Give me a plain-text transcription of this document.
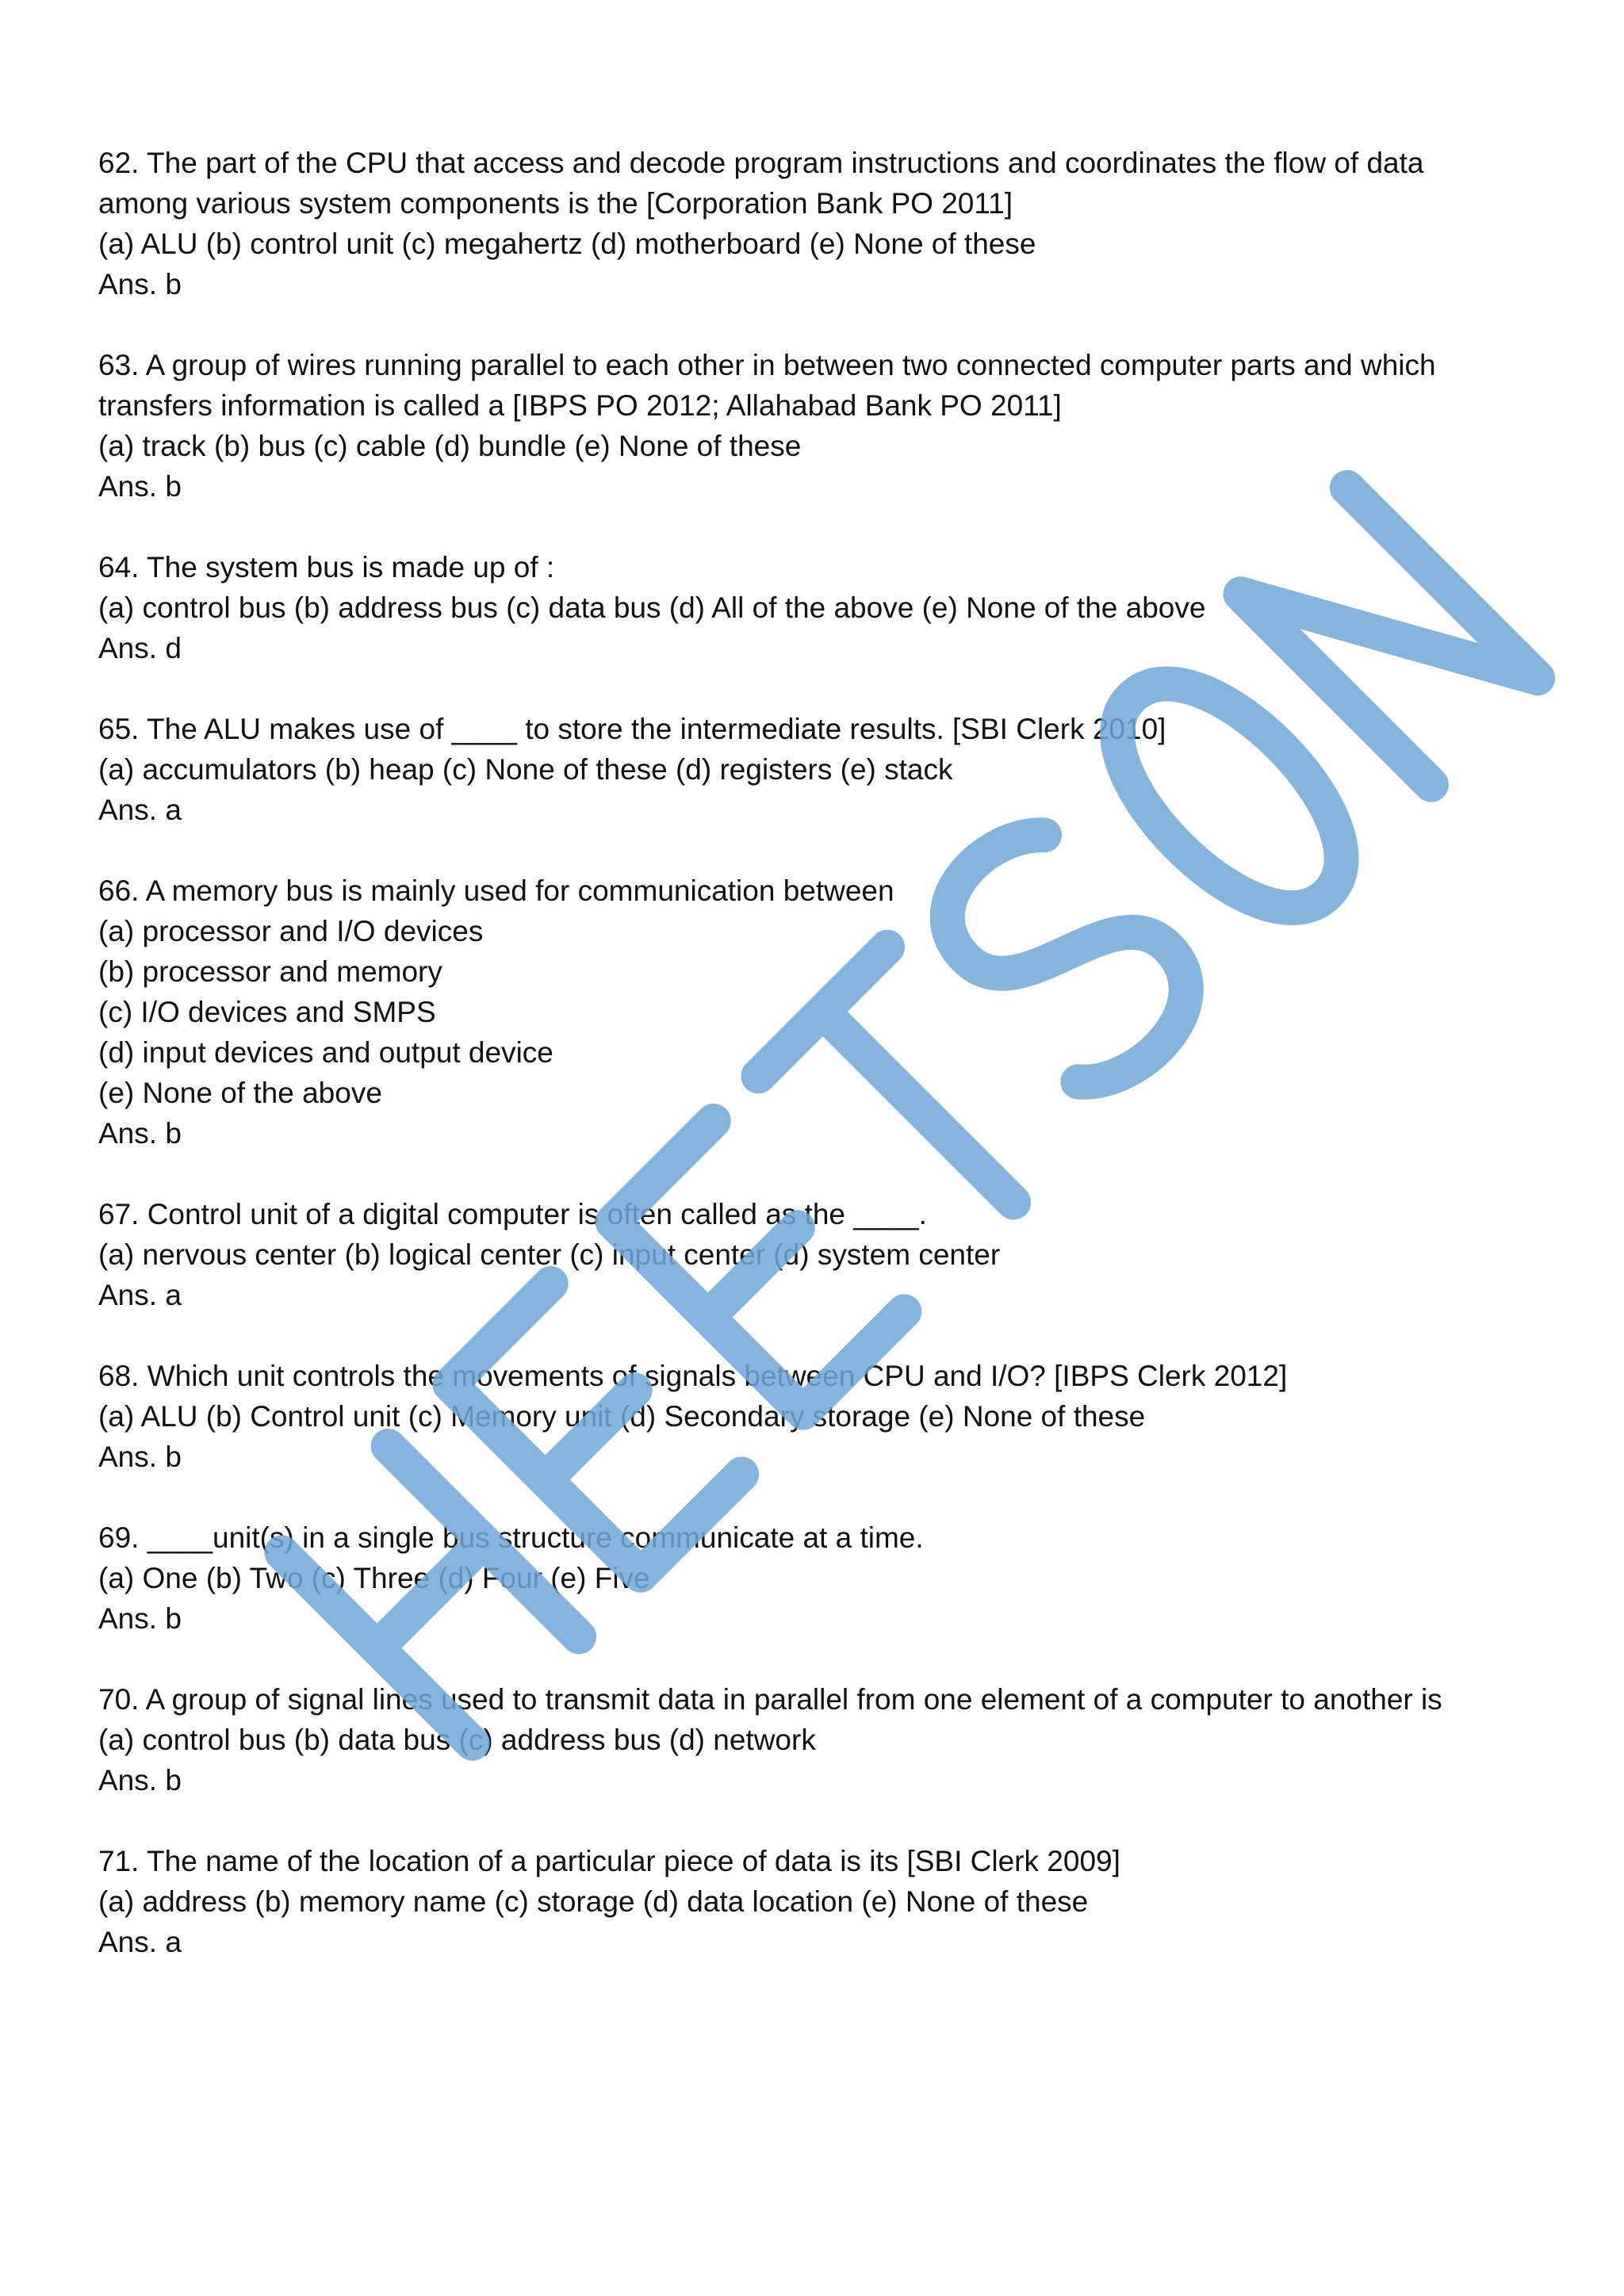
62. The part of the CPU that access and decode program instructions and coordinates the flow of data
among various system components is the [Corporation Bank PO 2011]
(a) ALU (b) control unit (c) megahertz (d) motherboard (e) None of these
Ans. b
63. A group of wires running parallel to each other in between two connected computer parts and which
transfers information is called a [IBPS PO 2012; Allahabad Bank PO 2011]
(a) track (b) bus (c) cable (d) bundle (e) None of these
Ans. b
64. The system bus is made up of :
(a) control bus (b) address bus (c) data bus (d) All of the above (e) None of the above
Ans. d
65. The ALU makes use of ____ to store the intermediate results. [SBI Clerk 2010]
(a) accumulators (b) heap (c) None of these (d) registers (e) stack
Ans. a
66. A memory bus is mainly used for communication between
(a) processor and I/O devices
(b) processor and memory
(c) I/O devices and SMPS
(d) input devices and output device
(e) None of the above
Ans. b
67. Control unit of a digital computer is often called as the ____.
(a) nervous center (b) logical center (c) input center (d) system center
Ans. a
68. Which unit controls the movements of signals between CPU and I/O? [IBPS Clerk 2012]
(a) ALU (b) Control unit (c) Memory unit (d) Secondary storage (e) None of these
Ans. b
69. ____unit(s) in a single bus structure communicate at a time.
(a) One (b) Two (c) Three (d) Four (e) Five
Ans. b
70. A group of signal lines used to transmit data in parallel from one element of a computer to another is
(a) control bus (b) data bus (c) address bus (d) network
Ans. b
71. The name of the location of a particular piece of data is its [SBI Clerk 2009]
(a) address (b) memory name (c) storage (d) data location (e) None of these
Ans. a
